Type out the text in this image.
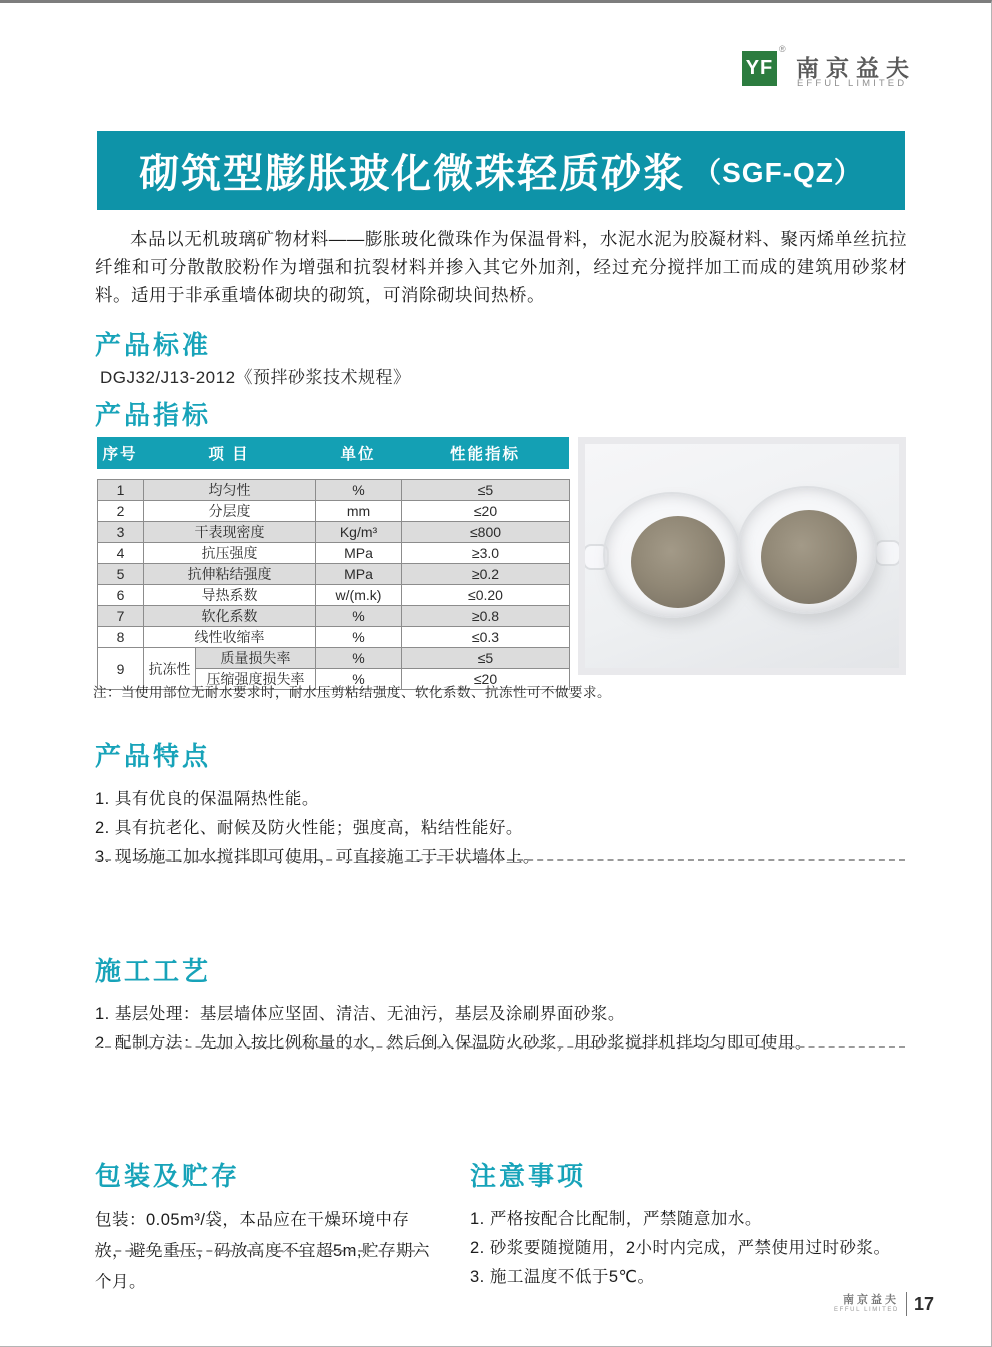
YF
®
南京益夫
EFFUL LIMITED
砌筑型膨胀玻化微珠轻质砂浆 （SGF-QZ）
本品以无机玻璃矿物材料——膨胀玻化微珠作为保温骨料，水泥水泥为胶凝材料、聚丙烯单丝抗拉纤维和可分散散胶粉作为增强和抗裂材料并掺入其它外加剂，经过充分搅拌加工而成的建筑用砂浆材料。适用于非承重墙体砌块的砌筑，可消除砌块间热桥。
产品标准
DGJ32/J13-2012《预拌砂浆技术规程》
产品指标
序号	项 目	单位	性能指标
1	均匀性		%	≤5
2	分层度		mm	≤20
3	干表现密度		Kg/m³	≤800
4	抗压强度		MPa	≥3.0
5	抗伸粘结强度		MPa	≥0.2
6	导热系数		w/(m.k)	≤0.20
7	软化系数		%	≥0.8
8	线性收缩率		%	≤0.3
9	抗冻性	质量损失率	%	≤5
		压缩强度损失率	%	≤20
注：当使用部位无耐水要求时，耐水压剪粘结强度、软化系数、抗冻性可不做要求。
产品特点
1. 具有优良的保温隔热性能。
2. 具有抗老化、耐候及防火性能；强度高，粘结性能好。
3. 现场施工加水搅拌即可使用，可直接施工于干状墙体上。
施工工艺
1. 基层处理：基层墙体应坚固、清洁、无油污，基层及涂刷界面砂浆。
2. 配制方法：先加入按比例称量的水，然后倒入保温防火砂浆，用砂浆搅拌机拌均匀即可使用。
包装及贮存
包装：0.05m³/袋，本品应在干燥环境中存放，避免重压，码放高度不宜超5m,贮存期六个月。
注意事项
1. 严格按配合比配制，严禁随意加水。
2. 砂浆要随搅随用，2小时内完成，严禁使用过时砂浆。
3. 施工温度不低于5℃。
南京益夫
EFFUL LIMITED 17
